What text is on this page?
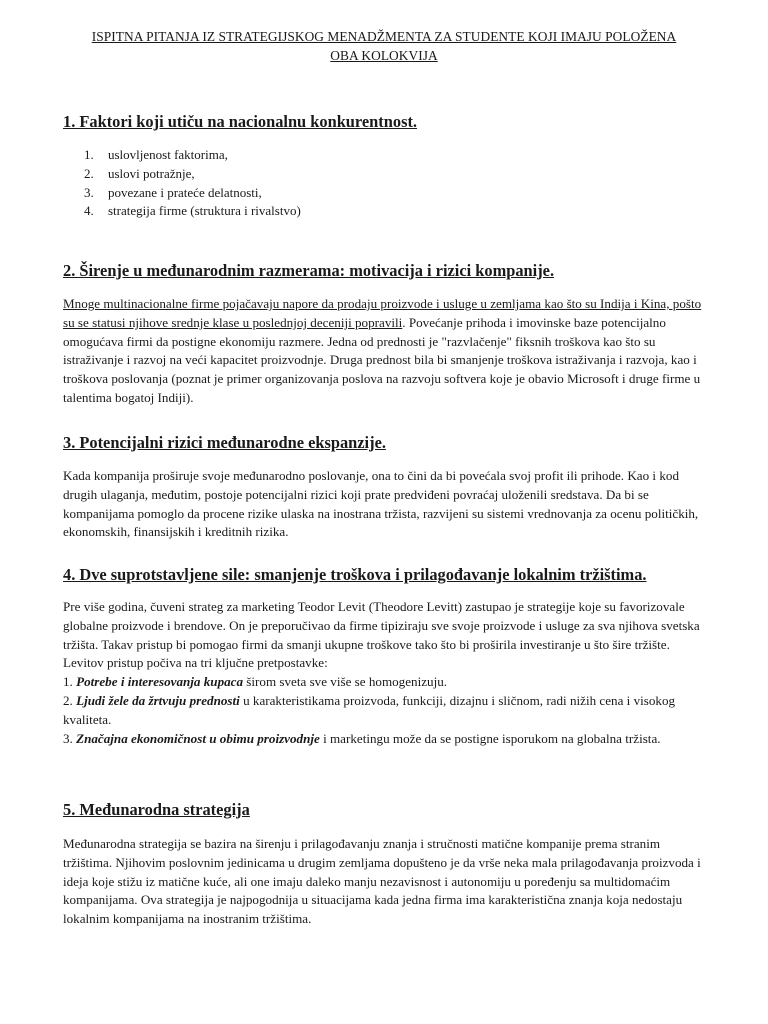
ISPITNA PITANJA IZ STRATEGIJSKOG MENADŽMENTA ZA STUDENTE KOJI IMAJU POLOŽENA
OBA KOLOKVIJA
1. Faktori koji utiču na nacionalnu konkurentnost.
1. uslovljenost faktorima,
2. uslovi potražnje,
3. povezane i prateće delatnosti,
4. strategija firme (struktura i rivalstvo)
2. Širenje u međunarodnim razmerama: motivacija i rizici kompanije.

Mnoge multinacionalne firme pojačavaju napore da prodaju proizvode i usluge u zemljama kao što su Indija i Kina, pošto su se statusi njihove srednje klase u poslednjoj deceniji popravili. Povećanje prihoda i imovinske baze potencijalno omogućava firmi da postigne ekonomiju razmere. Jedna od prednosti je "razvlačenje" fiksnih troškova kao što su istraživanje i razvoj na veći kapacitet proizvodnje. Druga prednost bila bi smanjenje troškova istraživanja i razvoja, kao i troškova poslovanja (poznat je primer organizovanja poslova na razvoju softvera koje je obavio Microsoft i druge firme u talentima bogatoj Indiji).

3. Potencijalni rizici međunarodne ekspanzije.

Kada kompanija proširuje svoje međunarodno poslovanje, ona to čini da bi povećala svoj profit ili prihode. Kao i kod drugih ulaganja, međutim, postoje potencijalni rizici koji prate predviđeni povraćaj uloženili sredstava. Da bi se kompanijama pomoglo da procene rizike ulaska na inostrana tržista, razvijeni su sistemi vrednovanja za ocenu političkih, ekonomskih, finansijskih i kreditnih rizika.

4. Dve suprotstavljene sile: smanjenje troškova i prilagođavanje lokalnim tržištima.

Pre više godina, čuveni strateg za marketing Teodor Levit (Theodore Levitt) zastupao je strategije koje su favorizovale globalne proizvode i brendove. On je preporučivao da firme tipiziraju sve svoje proizvode i usluge za sva njihova svetska tržišta. Takav pristup bi pomogao firmi da smanji ukupne troškove tako što bi proširila investiranje u što šire tržište.

Levitov pristup počiva na tri ključne pretpostavke:

1. Potrebe i interesovanja kupaca širom sveta sve više se homogenizuju.

2. Ljudi žele da žrtvuju prednosti u karakteristikama proizvoda, funkciji, dizajnu i sličnom, radi nižih cena i visokog kvaliteta.

3. Značajna ekonomičnost u obimu proizvodnje i marketingu može da se postigne isporukom na globalna tržista.

5. Međunarodna strategija

Međunarodna strategija se bazira na širenju i prilagođavanju znanja i stručnosti matične kompanije prema stranim tržištima. Njihovim poslovnim jedinicama u drugim zemljama dopušteno je da vrše neka mala prilagođavanja proizvoda i ideja koje stižu iz matične kuće, ali one imaju daleko manju nezavisnost i autonomiju u poređenju sa multidomaćim kompanijama. Ova strategija je najpogodnija u situacijama kada jedna firma ima karakteristična znanja koja nedostaju lokalnim kompanijama na inostranim tržištima.
